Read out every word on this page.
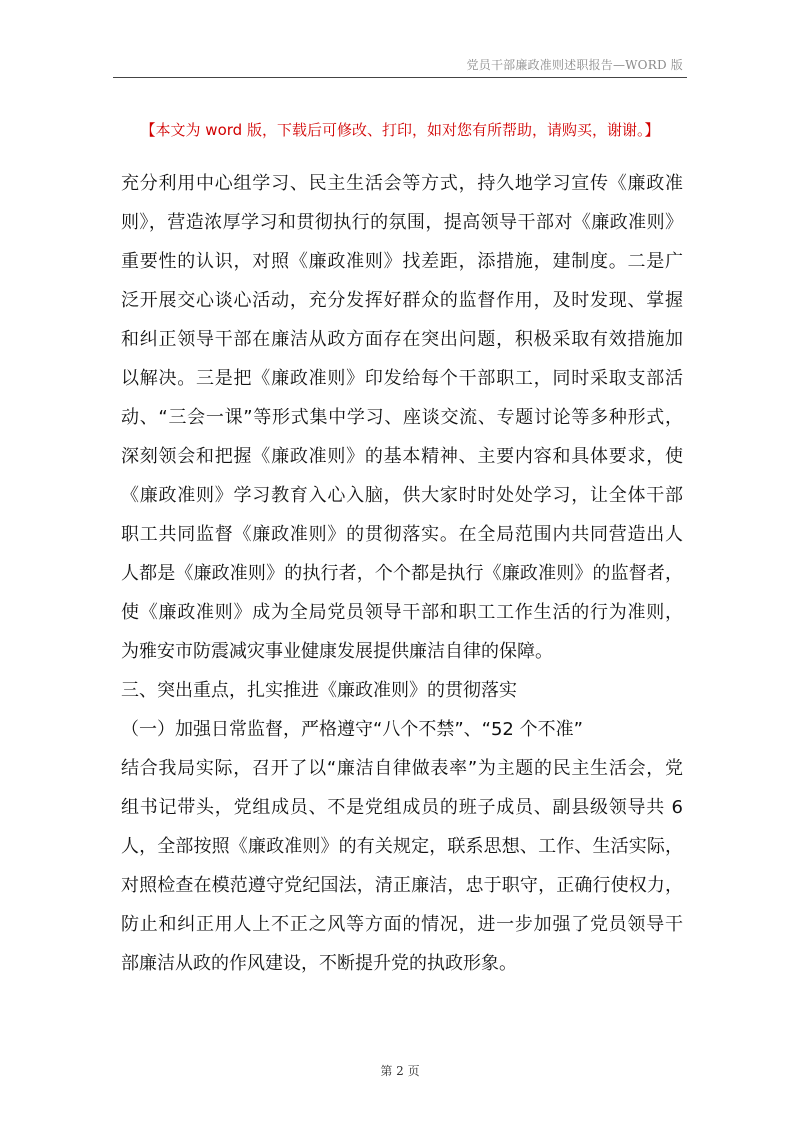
党员干部廉政准则述职报告—WORD 版
【本文为 word 版，下载后可修改、打印，如对您有所帮助，请购买，谢谢。】
充分利用中心组学习、民主生活会等方式，持久地学习宣传《廉政准
则》，营造浓厚学习和贯彻执行的氛围，提高领导干部对《廉政准则》
重要性的认识，对照《廉政准则》找差距，添措施，建制度。二是广
泛开展交心谈心活动，充分发挥好群众的监督作用，及时发现、掌握
和纠正领导干部在廉洁从政方面存在突出问题，积极采取有效措施加
以解决。三是把《廉政准则》印发给每个干部职工，同时采取支部活
动、“三会一课”等形式集中学习、座谈交流、专题讨论等多种形式，
深刻领会和把握《廉政准则》的基本精神、主要内容和具体要求，使
《廉政准则》学习教育入心入脑，供大家时时处处学习，让全体干部
职工共同监督《廉政准则》的贯彻落实。在全局范围内共同营造出人
人都是《廉政准则》的执行者，个个都是执行《廉政准则》的监督者，
使《廉政准则》成为全局党员领导干部和职工工作生活的行为准则，
为雅安市防震减灾事业健康发展提供廉洁自律的保障。
三、突出重点，扎实推进《廉政准则》的贯彻落实
（一）加强日常监督，严格遵守“八个不禁”、“52 个不准”
结合我局实际，召开了以“廉洁自律做表率”为主题的民主生活会，党
组书记带头，党组成员、不是党组成员的班子成员、副县级领导共 6
人，全部按照《廉政准则》的有关规定，联系思想、工作、生活实际，
对照检查在模范遵守党纪国法，清正廉洁，忠于职守，正确行使权力，
防止和纠正用人上不正之风等方面的情况，进一步加强了党员领导干
部廉洁从政的作风建设，不断提升党的执政形象。
第 2 页
